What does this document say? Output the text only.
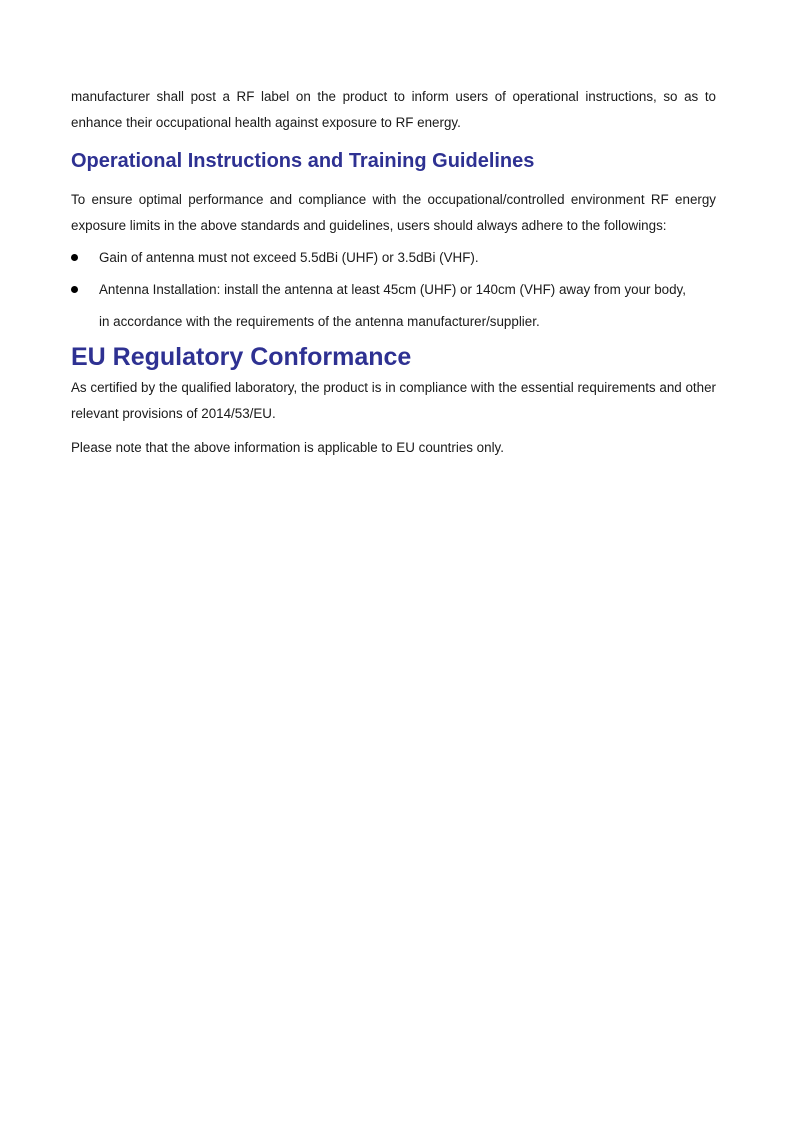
manufacturer shall post a RF label on the product to inform users of operational instructions, so as to enhance their occupational health against exposure to RF energy.

Operational Instructions and Training Guidelines

To ensure optimal performance and compliance with the occupational/controlled environment RF energy exposure limits in the above standards and guidelines, users should always adhere to the followings:

Gain of antenna must not exceed 5.5dBi (UHF) or 3.5dBi (VHF).
Antenna Installation: install the antenna at least 45cm (UHF) or 140cm (VHF) away from your body,
in accordance with the requirements of the antenna manufacturer/supplier.
EU Regulatory Conformance

As certified by the qualified laboratory, the product is in compliance with the essential requirements and other relevant provisions of 2014/53/EU.

Please note that the above information is applicable to EU countries only.
